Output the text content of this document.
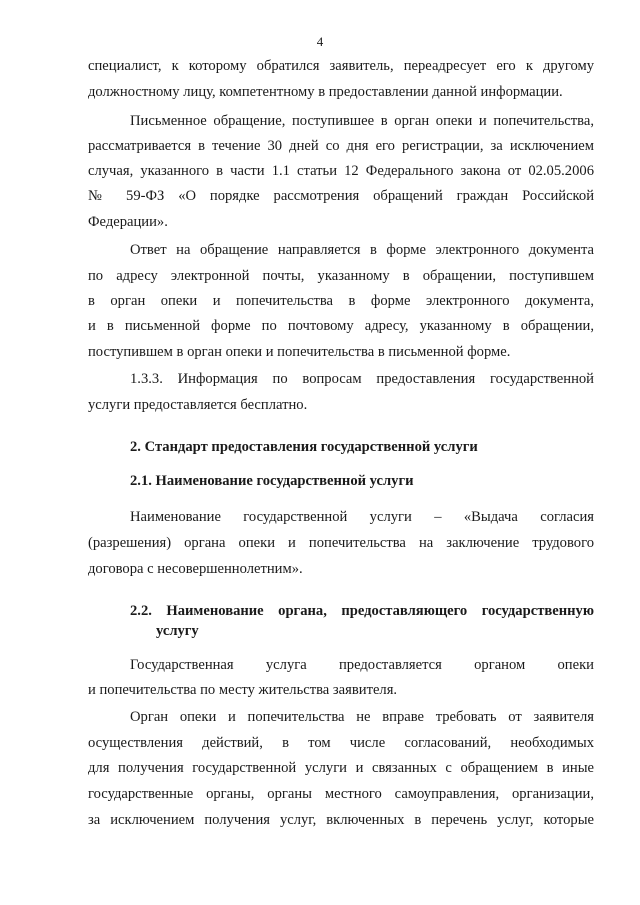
4
специалист, к которому обратился заявитель, переадресует его к другому
должностному лицу, компетентному в предоставлении данной информации.
Письменное обращение, поступившее в орган опеки и попечительства,
рассматривается в течение 30 дней со дня его регистрации, за исключением
случая, указанного в части 1.1 статьи 12 Федерального закона от 02.05.2006
№ 59-ФЗ «О порядке рассмотрения обращений граждан Российской
Федерации».
Ответ на обращение направляется в форме электронного документа
по адресу электронной почты, указанному в обращении, поступившем
в орган опеки и попечительства в форме электронного документа,
и в письменной форме по почтовому адресу, указанному в обращении,
поступившем в орган опеки и попечительства в письменной форме.
1.3.3. Информация по вопросам предоставления государственной
услуги предоставляется бесплатно.
2. Стандарт предоставления государственной услуги
2.1. Наименование государственной услуги
Наименование государственной услуги – «Выдача согласия
(разрешения) органа опеки и попечительства на заключение трудового
договора с несовершеннолетним».
2.2. Наименование органа, предоставляющего государственную
услугу
Государственная услуга предоставляется органом опеки
и попечительства по месту жительства заявителя.
Орган опеки и попечительства не вправе требовать от заявителя
осуществления действий, в том числе согласований, необходимых
для получения государственной услуги и связанных с обращением в иные
государственные органы, органы местного самоуправления, организации,
за исключением получения услуг, включенных в перечень услуг, которые
